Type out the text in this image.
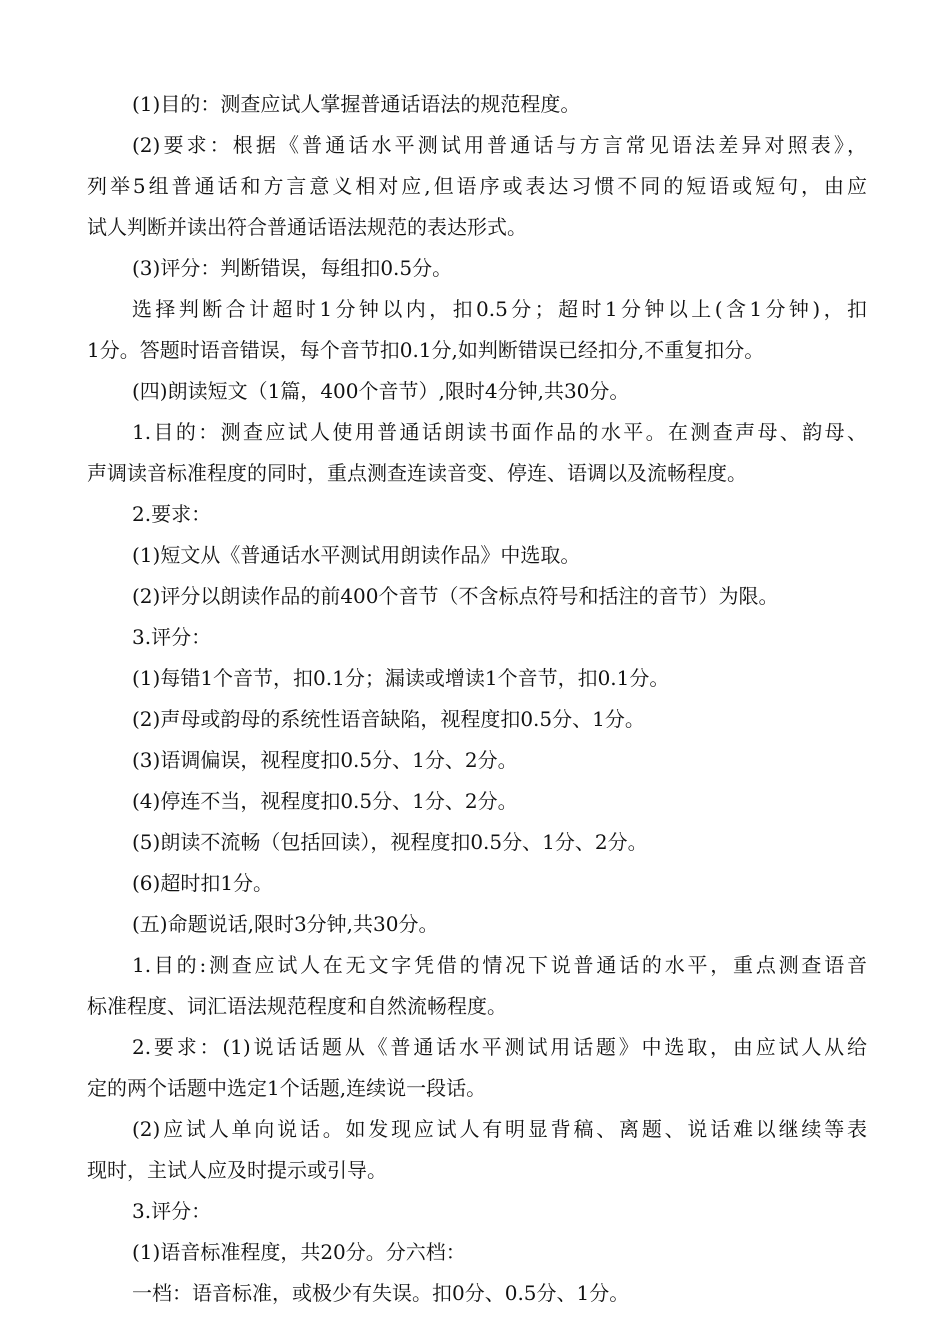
(1)目的：测查应试人掌握普通话语法的规范程度。
(2)要求：根据《普通话水平测试用普通话与方言常见语法差异对照表》，
列举5组普通话和方言意义相对应,但语序或表达习惯不同的短语或短句，由应
试人判断并读出符合普通话语法规范的表达形式。
(3)评分：判断错误，每组扣0.5分。
选择判断合计超时1分钟以内，扣0.5分；超时1分钟以上(含1分钟)，扣
1分。答题时语音错误，每个音节扣0.1分,如判断错误已经扣分,不重复扣分。
(四)朗读短文（1篇，400个音节）,限时4分钟,共30分。
1.目的：测查应试人使用普通话朗读书面作品的水平。在测查声母、韵母、
声调读音标准程度的同时，重点测查连读音变、停连、语调以及流畅程度。
2.要求：
(1)短文从《普通话水平测试用朗读作品》中选取。
(2)评分以朗读作品的前400个音节（不含标点符号和括注的音节）为限。
3.评分：
(1)每错1个音节，扣0.1分；漏读或增读1个音节，扣0.1分。
(2)声母或韵母的系统性语音缺陷，视程度扣0.5分、1分。
(3)语调偏误，视程度扣0.5分、1分、2分。
(4)停连不当，视程度扣0.5分、1分、2分。
(5)朗读不流畅（包括回读），视程度扣0.5分、1分、2分。
(6)超时扣1分。
(五)命题说话,限时3分钟,共30分。
1.目的:测查应试人在无文字凭借的情况下说普通话的水平，重点测查语音
标准程度、词汇语法规范程度和自然流畅程度。
2.要求：(1)说话话题从《普通话水平测试用话题》中选取，由应试人从给
定的两个话题中选定1个话题,连续说一段话。
(2)应试人单向说话。如发现应试人有明显背稿、离题、说话难以继续等表
现时，主试人应及时提示或引导。
3.评分：
(1)语音标准程度，共20分。分六档：
一档：语音标准，或极少有失误。扣0分、0.5分、1分。
